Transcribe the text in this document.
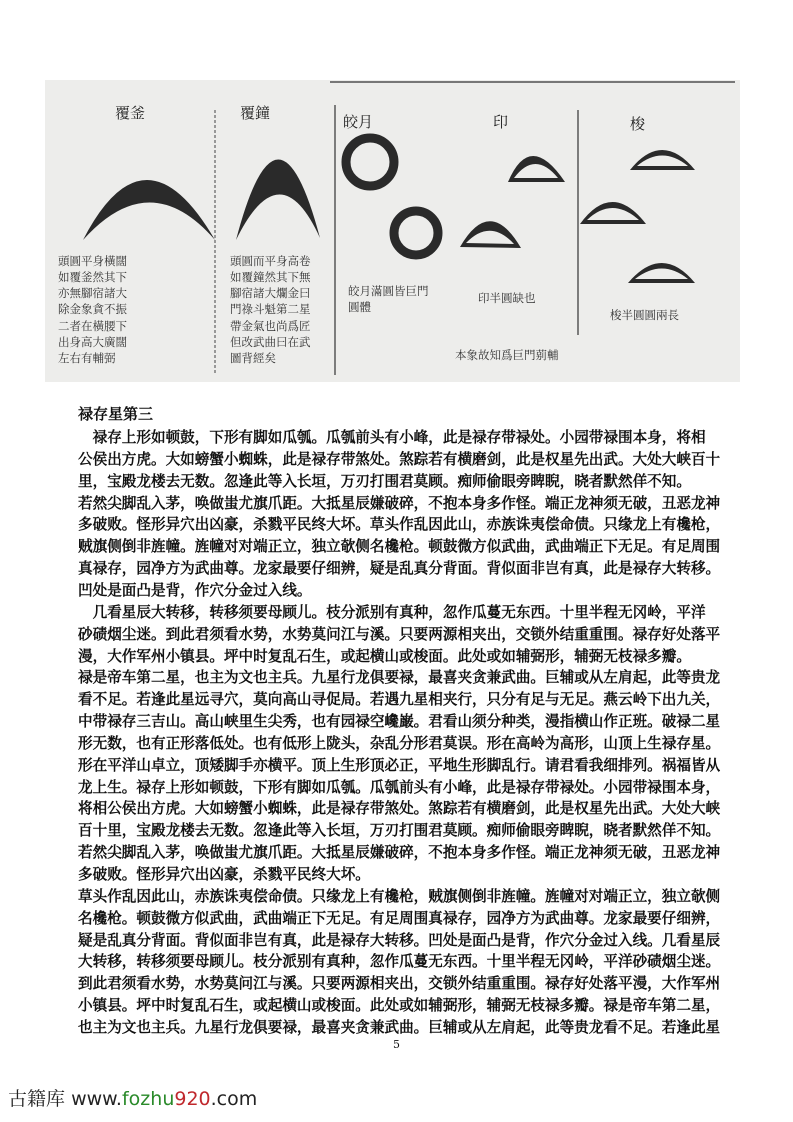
覆釜	覆鐘	皎月	印	梭
頭圓平身橫闊
如覆釜然其下
亦無腳宿諸大
除金象貪不振
二者在橫腰下
出身高大廣闊
左右有輔弼
頭圓而平身高卷
如覆鐘然其下無
腳宿諸大爛金曰
門祿斗魁第二星
帶金氣也尚爲匠
但改武曲曰在武
圖背經矣
皎月滿圓皆巨門
圓體
印半圓缺也
梭半圓圓兩長
本象故知爲巨門莂輔
禄存星第三
　禄存上形如顿鼓，下形有脚如瓜瓠。瓜瓠前头有小峰，此是禄存带禄处。小园带禄围本身，将相
公侯出方虎。大如螃蟹小蜘蛛，此是禄存带煞处。煞踪若有横磨剑，此是权星先出武。大处大峡百十
里，宝殿龙楼去无数。忽逢此等入长垣，万刃打围君莫顾。痴师偷眼旁睥睨，晓者默然佯不知。
若然尖脚乱入茅，唤做蚩尤旗爪距。大抵星辰嫌破碎，不抱本身多作怪。端正龙神须无破，丑恶龙神
多破败。怪形异穴出凶豪，杀戮平民终大坏。草头作乱因此山，赤族诛夷偿命债。只缘龙上有欃枪，
贼旗侧倒非旌幢。旌幢对对端正立，独立欹侧名欃枪。顿鼓微方似武曲，武曲端正下无足。有足周围
真禄存，园净方为武曲尊。龙家最要仔细辨，疑是乱真分背面。背似面非岂有真，此是禄存大转移。
凹处是面凸是背，作穴分金过入线。
　几看星辰大转移，转移须要母顾儿。枝分派别有真种，忽作瓜蔓无东西。十里半程无冈岭，平洋
砂碛烟尘迷。到此君须看水势，水势莫问江与溪。只要两源相夹出，交锁外结重重围。禄存好处落平
漫，大作军州小镇县。坪中时复乱石生，或起横山或梭面。此处或如辅弼形，辅弼无枝禄多瓣。
禄是帝车第二星，也主为文也主兵。九星行龙俱要禄，最喜夹贪兼武曲。巨辅或从左肩起，此等贵龙
看不足。若逢此星远寻穴，莫向高山寻促局。若遇九星相夹行，只分有足与无足。燕云岭下出九关，
中带禄存三吉山。高山峡里生尖秀，也有园禄空巉巌。君看山须分种类，漫指横山作正班。破禄二星
形无数，也有正形落低处。也有低形上陇头，杂乱分形君莫误。形在高岭为高形，山顶上生禄存星。
形在平洋山卓立，顶矮脚手亦横平。顶上生形顶必正，平地生形脚乱行。请君看我细排列。祸福皆从
龙上生。禄存上形如顿鼓，下形有脚如瓜瓠。瓜瓠前头有小峰，此是禄存带禄处。小园带禄围本身，
将相公侯出方虎。大如螃蟹小蜘蛛，此是禄存带煞处。煞踪若有横磨剑，此是权星先出武。大处大峡
百十里，宝殿龙楼去无数。忽逢此等入长垣，万刃打围君莫顾。痴师偷眼旁睥睨，晓者默然佯不知。
若然尖脚乱入茅，唤做蚩尤旗爪距。大抵星辰嫌破碎，不抱本身多作怪。端正龙神须无破，丑恶龙神
多破败。怪形异穴出凶豪，杀戮平民终大坏。
草头作乱因此山，赤族诛夷偿命债。只缘龙上有欃枪，贼旗侧倒非旌幢。旌幢对对端正立，独立欹侧
名欃枪。顿鼓微方似武曲，武曲端正下无足。有足周围真禄存，园净方为武曲尊。龙家最要仔细辨，
疑是乱真分背面。背似面非岂有真，此是禄存大转移。凹处是面凸是背，作穴分金过入线。几看星辰
大转移，转移须要母顾儿。枝分派别有真种，忽作瓜蔓无东西。十里半程无冈岭，平洋砂碛烟尘迷。
到此君须看水势，水势莫问江与溪。只要两源相夹出，交锁外结重重围。禄存好处落平漫，大作军州
小镇县。坪中时复乱石生，或起横山或梭面。此处或如辅弼形，辅弼无枝禄多瓣。禄是帝车第二星，
也主为文也主兵。九星行龙俱要禄，最喜夹贪兼武曲。巨辅或从左肩起，此等贵龙看不足。若逢此星
5
古籍库 www.fozhu920.com
